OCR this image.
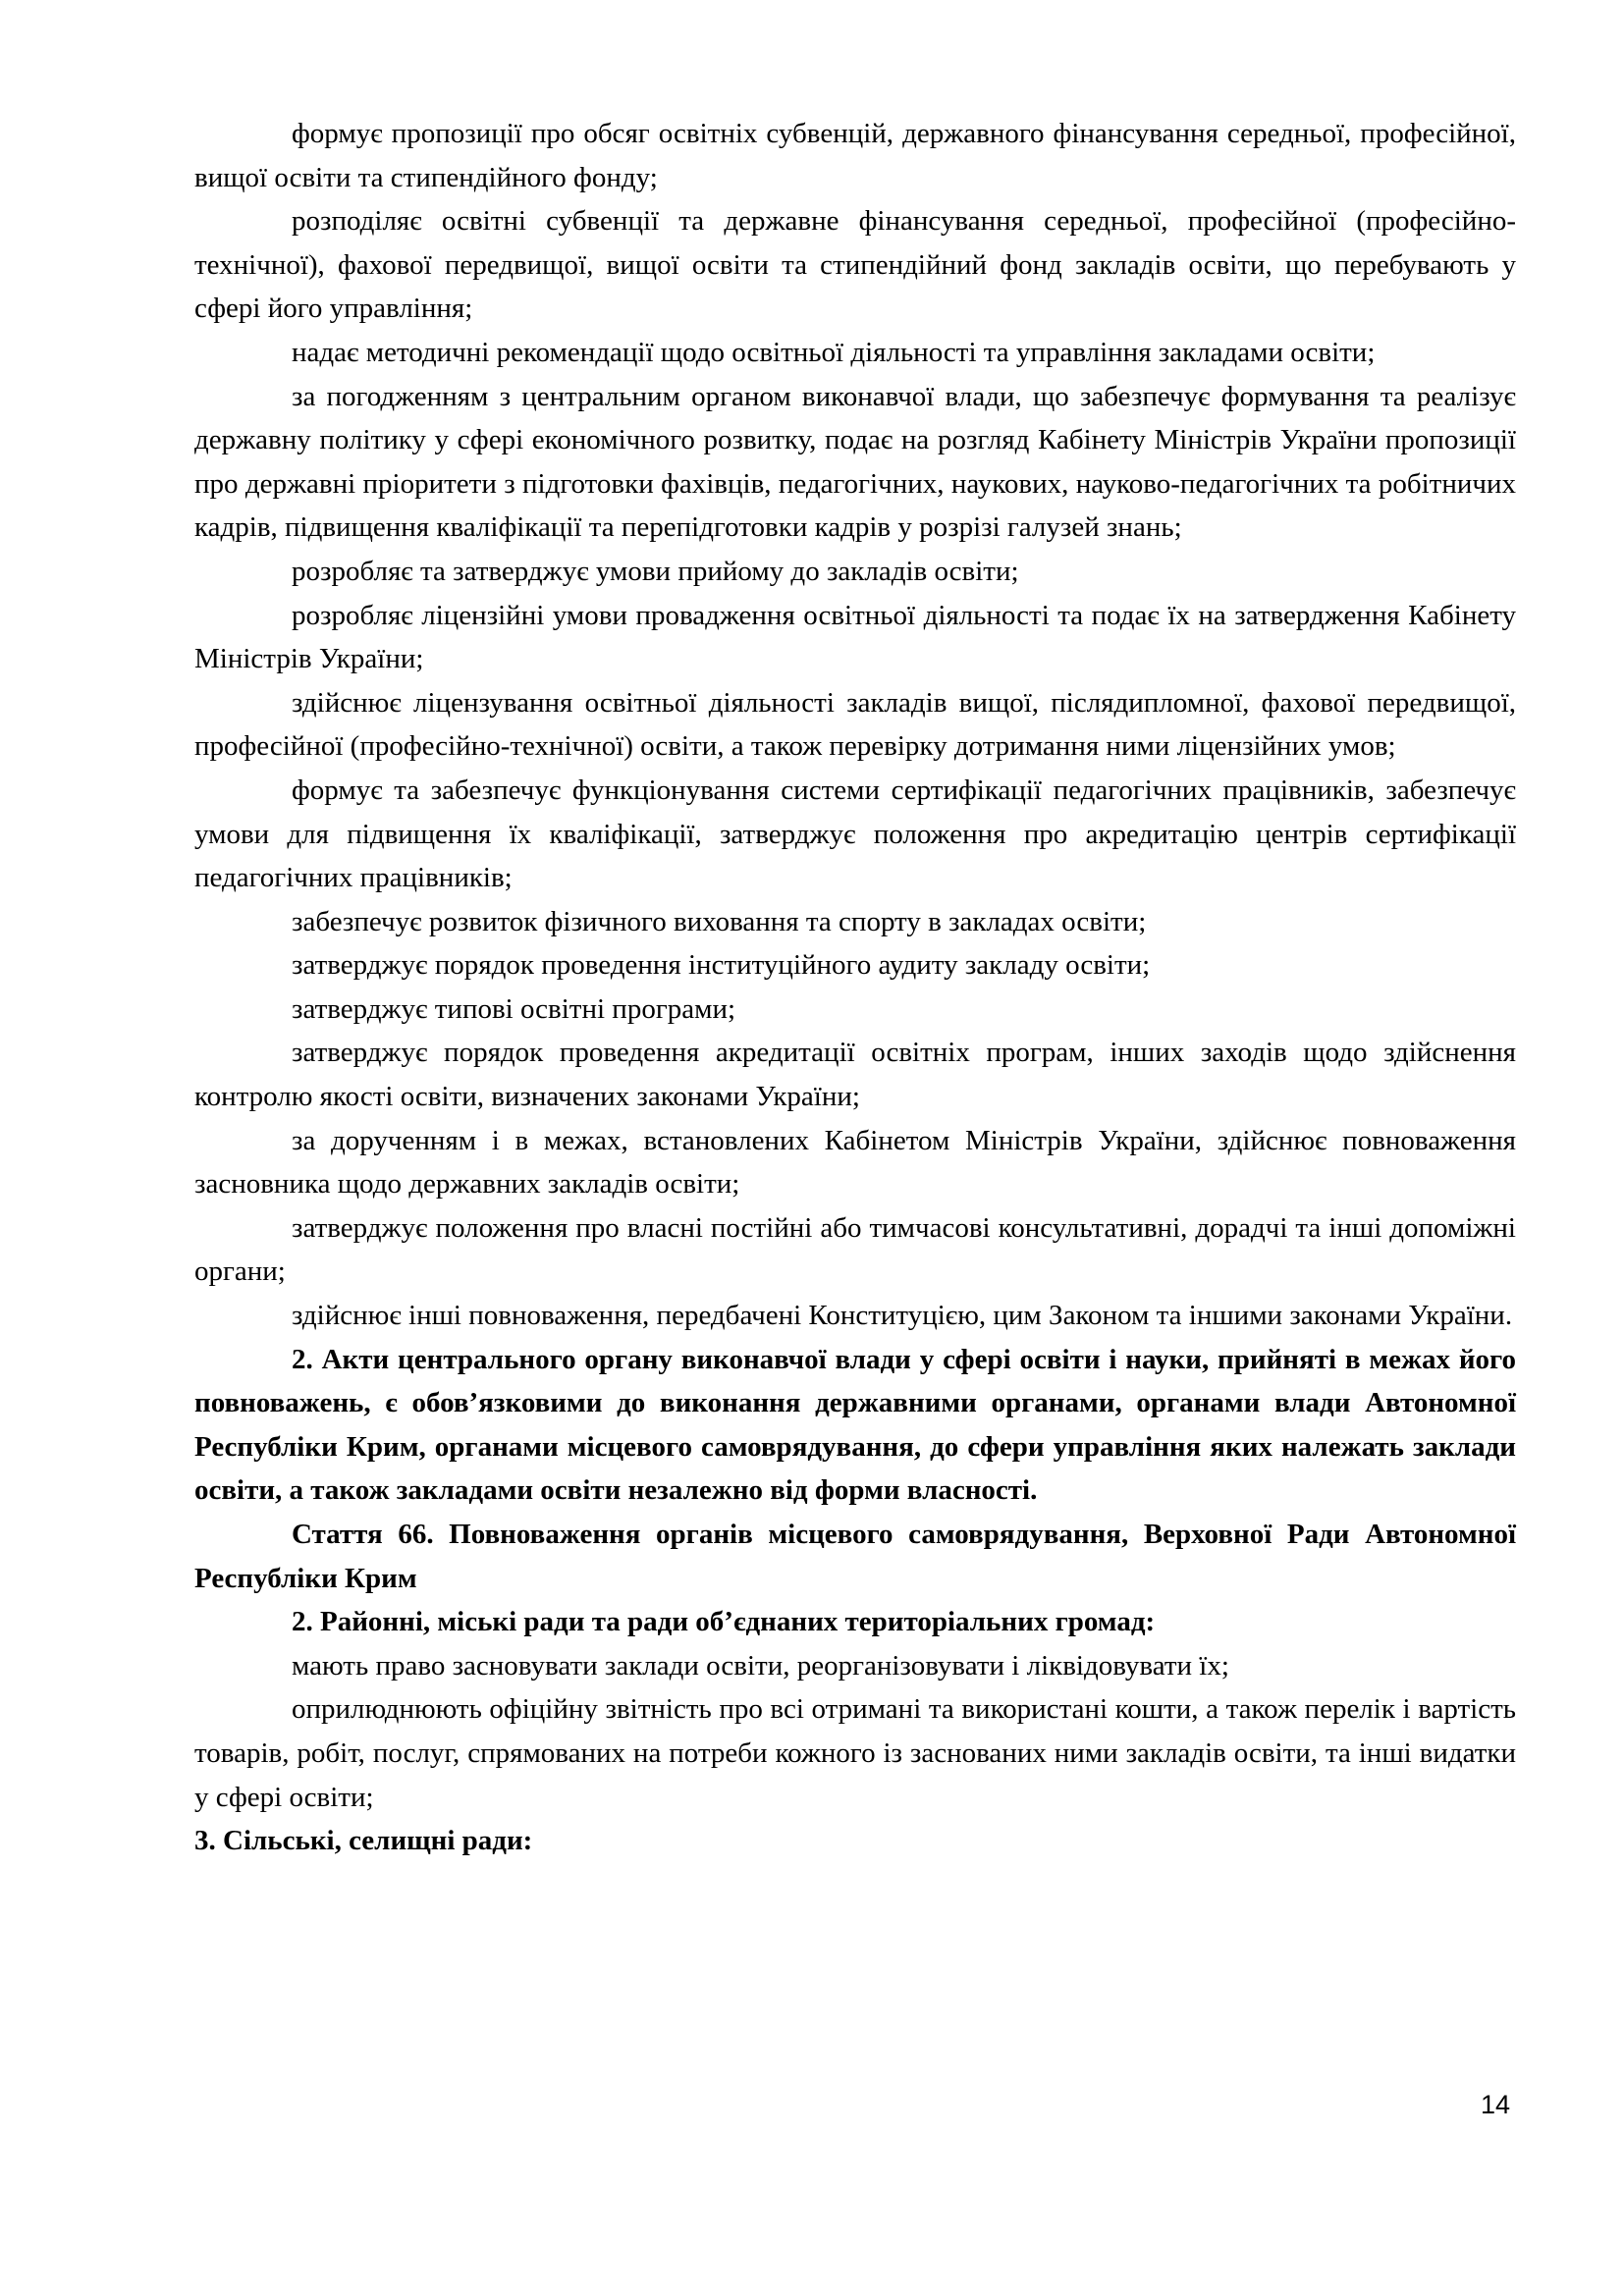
формує пропозиції про обсяг освітніх субвенцій, державного фінансування середньої, професійної, вищої освіти та стипендійного фонду;

розподіляє освітні субвенції та державне фінансування середньої, професійної (професійно-технічної), фахової передвищої, вищої освіти та стипендійний фонд закладів освіти, що перебувають у сфері його управління;

надає методичні рекомендації щодо освітньої діяльності та управління закладами освіти;

за погодженням з центральним органом виконавчої влади, що забезпечує формування та реалізує державну політику у сфері економічного розвитку, подає на розгляд Кабінету Міністрів України пропозиції про державні пріоритети з підготовки фахівців, педагогічних, наукових, науково-педагогічних та робітничих кадрів, підвищення кваліфікації та перепідготовки кадрів у розрізі галузей знань;

розробляє та затверджує умови прийому до закладів освіти;

розробляє ліцензійні умови провадження освітньої діяльності та подає їх на затвердження Кабінету Міністрів України;

здійснює ліцензування освітньої діяльності закладів вищої, післядипломної, фахової передвищої, професійної (професійно-технічної) освіти, а також перевірку дотримання ними ліцензійних умов;

формує та забезпечує функціонування системи сертифікації педагогічних працівників, забезпечує умови для підвищення їх кваліфікації, затверджує положення про акредитацію центрів сертифікації педагогічних працівників;

забезпечує розвиток фізичного виховання та спорту в закладах освіти;

затверджує порядок проведення інституційного аудиту закладу освіти;

затверджує типові освітні програми;

затверджує порядок проведення акредитації освітніх програм, інших заходів щодо здійснення контролю якості освіти, визначених законами України;

за дорученням і в межах, встановлених Кабінетом Міністрів України, здійснює повноваження засновника щодо державних закладів освіти;

затверджує положення про власні постійні або тимчасові консультативні, дорадчі та інші допоміжні органи;

здійснює інші повноваження, передбачені Конституцією, цим Законом та іншими законами України.

2. Акти центрального органу виконавчої влади у сфері освіти і науки, прийняті в межах його повноважень, є обов’язковими до виконання державними органами, органами влади Автономної Республіки Крим, органами місцевого самоврядування, до сфери управління яких належать заклади освіти, а також закладами освіти незалежно від форми власності.

Стаття 66. Повноваження органів місцевого самоврядування, Верховної Ради Автономної Республіки Крим

2. Районні, міські ради та ради об’єднаних територіальних громад:

мають право засновувати заклади освіти, реорганізовувати і ліквідовувати їх;

оприлюднюють офіційну звітність про всі отримані та використані кошти, а також перелік і вартість товарів, робіт, послуг, спрямованих на потреби кожного із заснованих ними закладів освіти, та інші видатки у сфері освіти;

3. Сільські, селищні ради:

14
